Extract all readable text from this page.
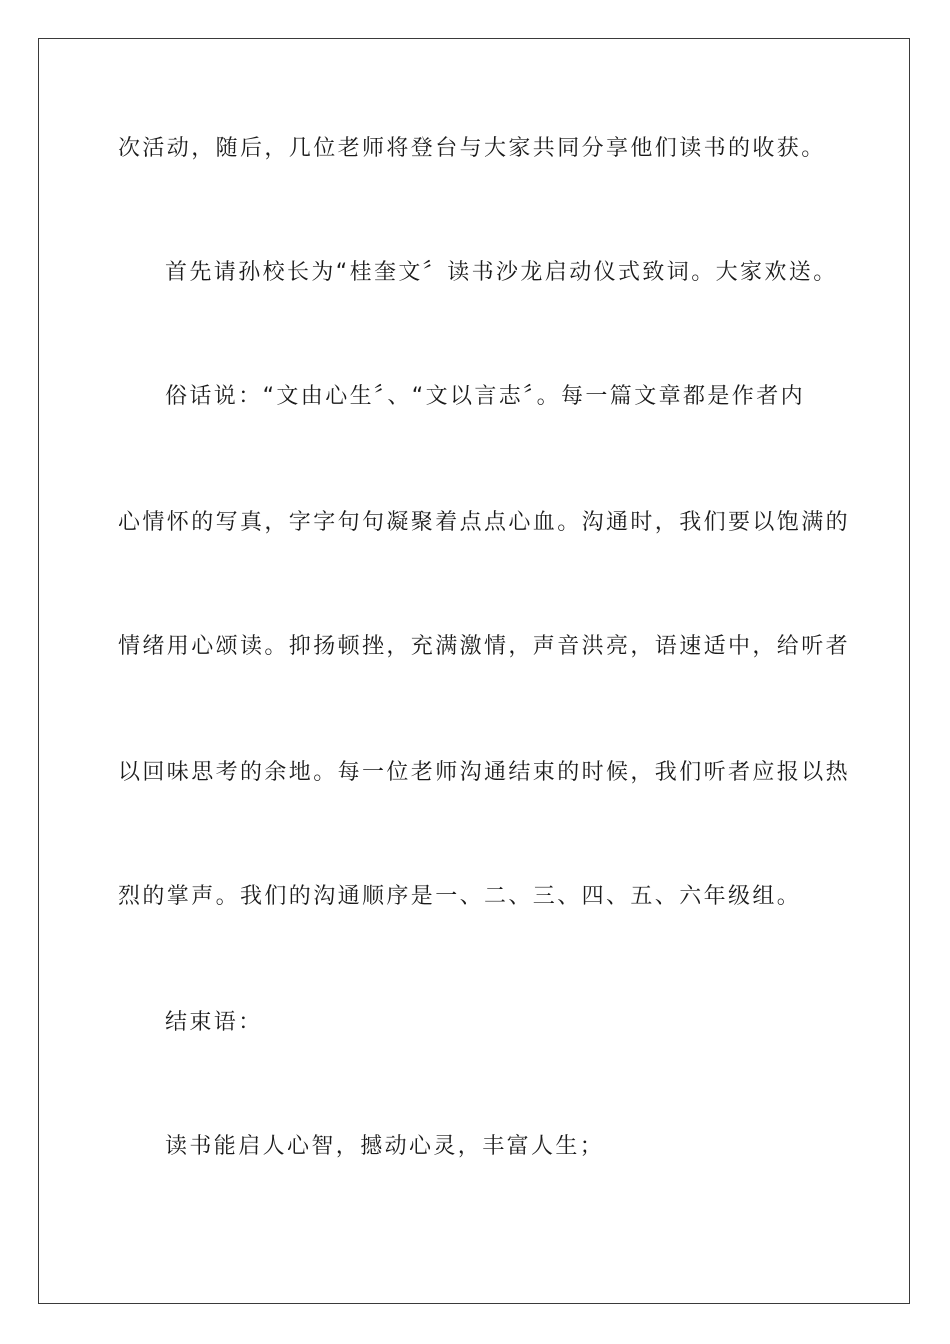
次活动，随后，几位老师将登台与大家共同分享他们读书的收获。
首先请孙校长为“桂奎文〞读书沙龙启动仪式致词。大家欢送。
俗话说：“文由心生〞、“文以言志〞。每一篇文章都是作者内
心情怀的写真，字字句句凝聚着点点心血。沟通时，我们要以饱满的
情绪用心颂读。抑扬顿挫，充满激情，声音洪亮，语速适中，给听者
以回味思考的余地。每一位老师沟通结束的时候，我们听者应报以热
烈的掌声。我们的沟通顺序是一、二、三、四、五、六年级组。
结束语：
读书能启人心智，撼动心灵，丰富人生；
